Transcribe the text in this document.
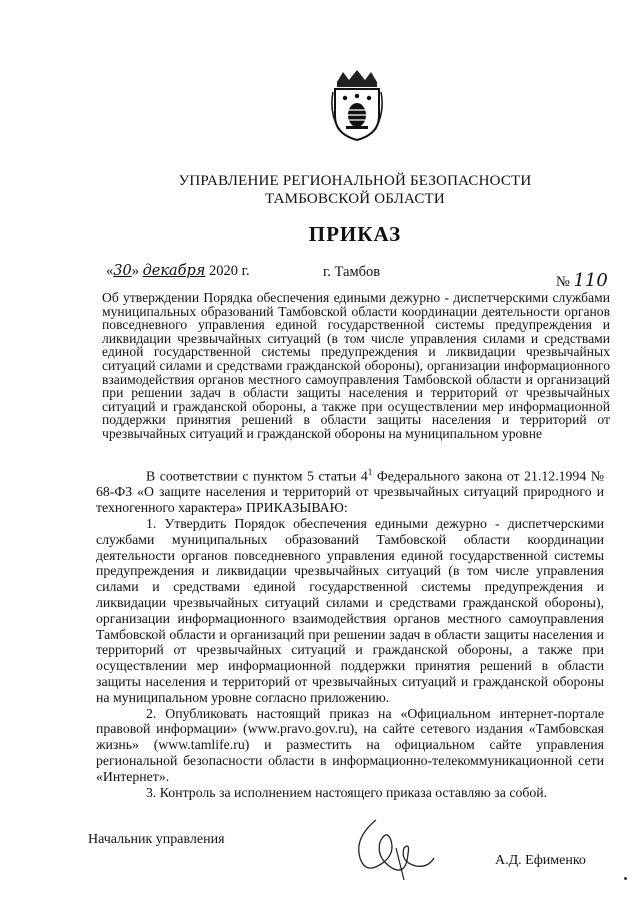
УПРАВЛЕНИЕ РЕГИОНАЛЬНОЙ БЕЗОПАСНОСТИ
ТАМБОВСКОЙ ОБЛАСТИ
ПРИКАЗ
«30» декабря 2020 г.	г. Тамбов
№ 110
Об утверждении Порядка обеспечения едиными дежурно - диспетчерскими службами муниципальных образований Тамбовской области координации деятельности органов повседневного управления единой государственной системы предупреждения и ликвидации чрезвычайных ситуаций (в том числе управления силами и средствами единой государственной системы предупреждения и ликвидации чрезвычайных ситуаций силами и средствами гражданской обороны), организации информационного взаимодействия органов местного самоуправления Тамбовской области и организаций при решении задач в области защиты населения и территорий от чрезвычайных ситуаций и гражданской обороны, а также при осуществлении мер информационной поддержки принятия решений в области защиты населения и территорий от чрезвычайных ситуаций и гражданской обороны на муниципальном уровне

В соответствии с пунктом 5 статьи $4^1$ Федерального закона от 21.12.1994 № 68-ФЗ «О защите населения и территорий от чрезвычайных ситуаций природного и техногенного характера» ПРИКАЗЫВАЮ:

1. Утвердить Порядок обеспечения едиными дежурно - диспетчерскими службами муниципальных образований Тамбовской области координации деятельности органов повседневного управления единой государственной системы предупреждения и ликвидации чрезвычайных ситуаций (в том числе управления силами и средствами единой государственной системы предупреждения и ликвидации чрезвычайных ситуаций силами и средствами гражданской обороны), организации информационного взаимодействия органов местного самоуправления Тамбовской области и организаций при решении задач в области защиты населения и территорий от чрезвычайных ситуаций и гражданской обороны, а также при осуществлении мер информационной поддержки принятия решений в области защиты населения и территорий от чрезвычайных ситуаций и гражданской обороны на муниципальном уровне согласно приложению.

2. Опубликовать настоящий приказ на «Официальном интернет-портале правовой информации» (www.pravo.gov.ru), на сайте сетевого издания «Тамбовская жизнь» (www.tamlife.ru) и разместить на официальном сайте управления региональной безопасности области в информационно-телекоммуникационной сети «Интернет».

3. Контроль за исполнением настоящего приказа оставляю за собой.

Начальник управления
А.Д. Ефименко
